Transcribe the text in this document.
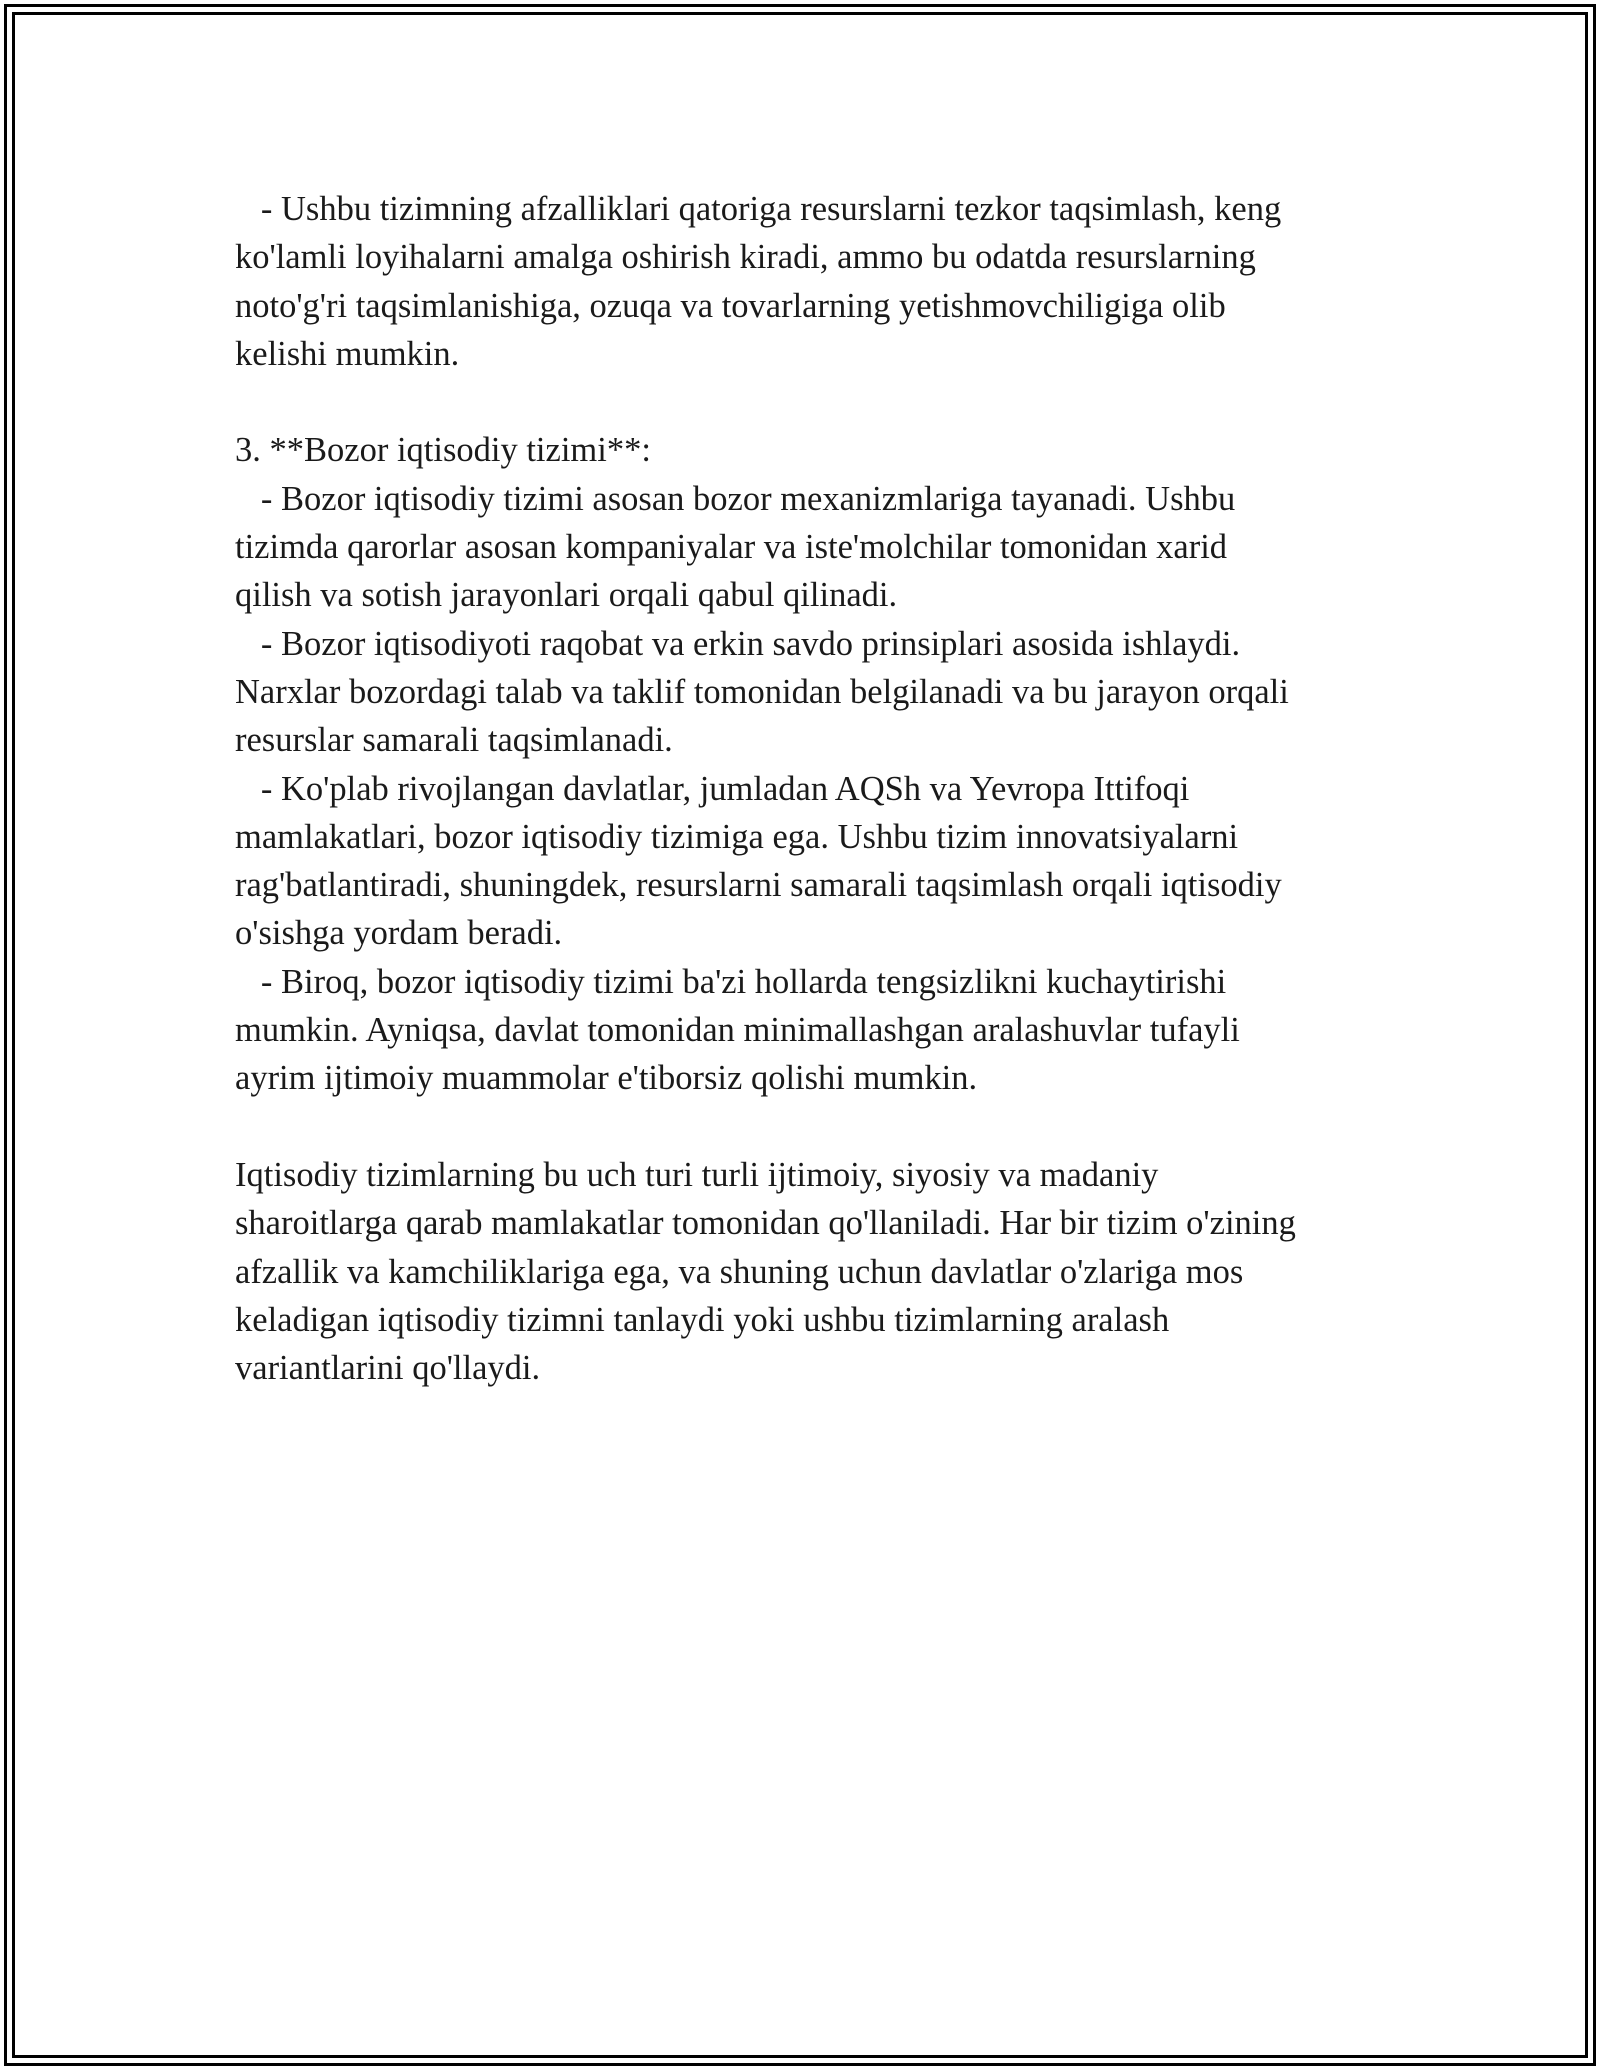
- Ushbu tizimning afzalliklari qatoriga resurslarni tezkor taqsimlash, keng
ko'lamli loyihalarni amalga oshirish kiradi, ammo bu odatda resurslarning
noto'g'ri taqsimlanishiga, ozuqa va tovarlarning yetishmovchiligiga olib
kelishi mumkin.
3. **Bozor iqtisodiy tizimi**:
- Bozor iqtisodiy tizimi asosan bozor mexanizmlariga tayanadi. Ushbu
tizimda qarorlar asosan kompaniyalar va iste'molchilar tomonidan xarid
qilish va sotish jarayonlari orqali qabul qilinadi.
- Bozor iqtisodiyoti raqobat va erkin savdo prinsiplari asosida ishlaydi.
Narxlar bozordagi talab va taklif tomonidan belgilanadi va bu jarayon orqali
resurslar samarali taqsimlanadi.
- Ko'plab rivojlangan davlatlar, jumladan AQSh va Yevropa Ittifoqi
mamlakatlari, bozor iqtisodiy tizimiga ega. Ushbu tizim innovatsiyalarni
rag'batlantiradi, shuningdek, resurslarni samarali taqsimlash orqali iqtisodiy
o'sishga yordam beradi.
- Biroq, bozor iqtisodiy tizimi ba'zi hollarda tengsizlikni kuchaytirishi
mumkin. Ayniqsa, davlat tomonidan minimallashgan aralashuvlar tufayli
ayrim ijtimoiy muammolar e'tiborsiz qolishi mumkin.
Iqtisodiy tizimlarning bu uch turi turli ijtimoiy, siyosiy va madaniy
sharoitlarga qarab mamlakatlar tomonidan qo'llaniladi. Har bir tizim o'zining
afzallik va kamchiliklariga ega, va shuning uchun davlatlar o'zlariga mos
keladigan iqtisodiy tizimni tanlaydi yoki ushbu tizimlarning aralash
variantlarini qo'llaydi.
